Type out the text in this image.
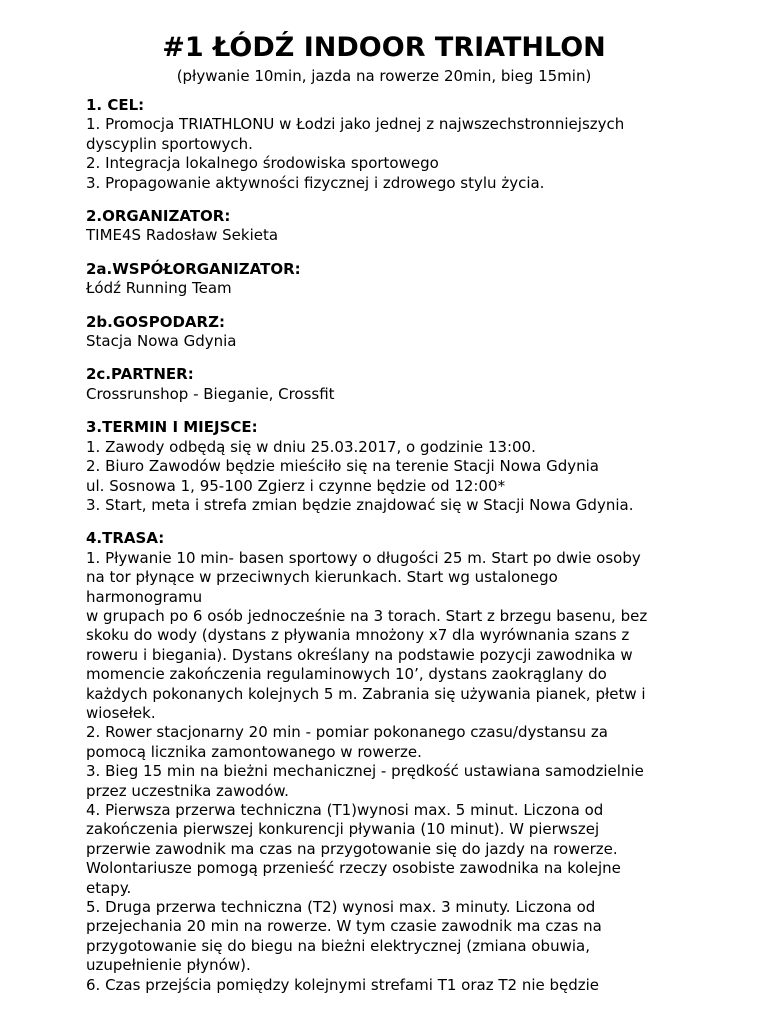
#1 ŁÓDŹ INDOOR TRIATHLON

(pływanie 10min, jazda na rowerze 20min, bieg 15min)

1. CEL:
1. Promocja TRIATHLONU w Łodzi jako jednej z najwszechstronniejszych
dyscyplin sportowych.
2. Integracja lokalnego środowiska sportowego
3. Propagowanie aktywności fizycznej i zdrowego stylu życia.
2.ORGANIZATOR:
TIME4S Radosław Sekieta
2a.WSPÓŁORGANIZATOR:
Łódź Running Team
2b.GOSPODARZ:
Stacja Nowa Gdynia
2c.PARTNER:
Crossrunshop - Bieganie, Crossfit
3.TERMIN I MIEJSCE:
1. Zawody odbędą się w dniu 25.03.2017, o godzinie 13:00.
2. Biuro Zawodów będzie mieściło się na terenie Stacji Nowa Gdynia
ul. Sosnowa 1, 95-100 Zgierz i czynne będzie od 12:00*
3. Start, meta i strefa zmian będzie znajdować się w Stacji Nowa Gdynia.
4.TRASA:
1. Pływanie 10 min- basen sportowy o długości 25 m. Start po dwie osoby
na tor płynące w przeciwnych kierunkach. Start wg ustalonego
harmonogramu
w grupach po 6 osób jednocześnie na 3 torach. Start z brzegu basenu, bez
skoku do wody (dystans z pływania mnożony x7 dla wyrównania szans z
roweru i biegania). Dystans określany na podstawie pozycji zawodnika w
momencie zakończenia regulaminowych 10’, dystans zaokrąglany do
każdych pokonanych kolejnych 5 m. Zabrania się używania pianek, płetw i
wiosełek.
2. Rower stacjonarny 20 min - pomiar pokonanego czasu/dystansu za
pomocą licznika zamontowanego w rowerze.
3. Bieg 15 min na bieżni mechanicznej - prędkość ustawiana samodzielnie
przez uczestnika zawodów.
4. Pierwsza przerwa techniczna (T1)wynosi max. 5 minut. Liczona od
zakończenia pierwszej konkurencji pływania (10 minut). W pierwszej
przerwie zawodnik ma czas na przygotowanie się do jazdy na rowerze.
Wolontariusze pomogą przenieść rzeczy osobiste zawodnika na kolejne
etapy.
5. Druga przerwa techniczna (T2) wynosi max. 3 minuty. Liczona od
przejechania 20 min na rowerze. W tym czasie zawodnik ma czas na
przygotowanie się do biegu na bieżni elektrycznej (zmiana obuwia,
uzupełnienie płynów).
6. Czas przejścia pomiędzy kolejnymi strefami T1 oraz T2 nie będzie
